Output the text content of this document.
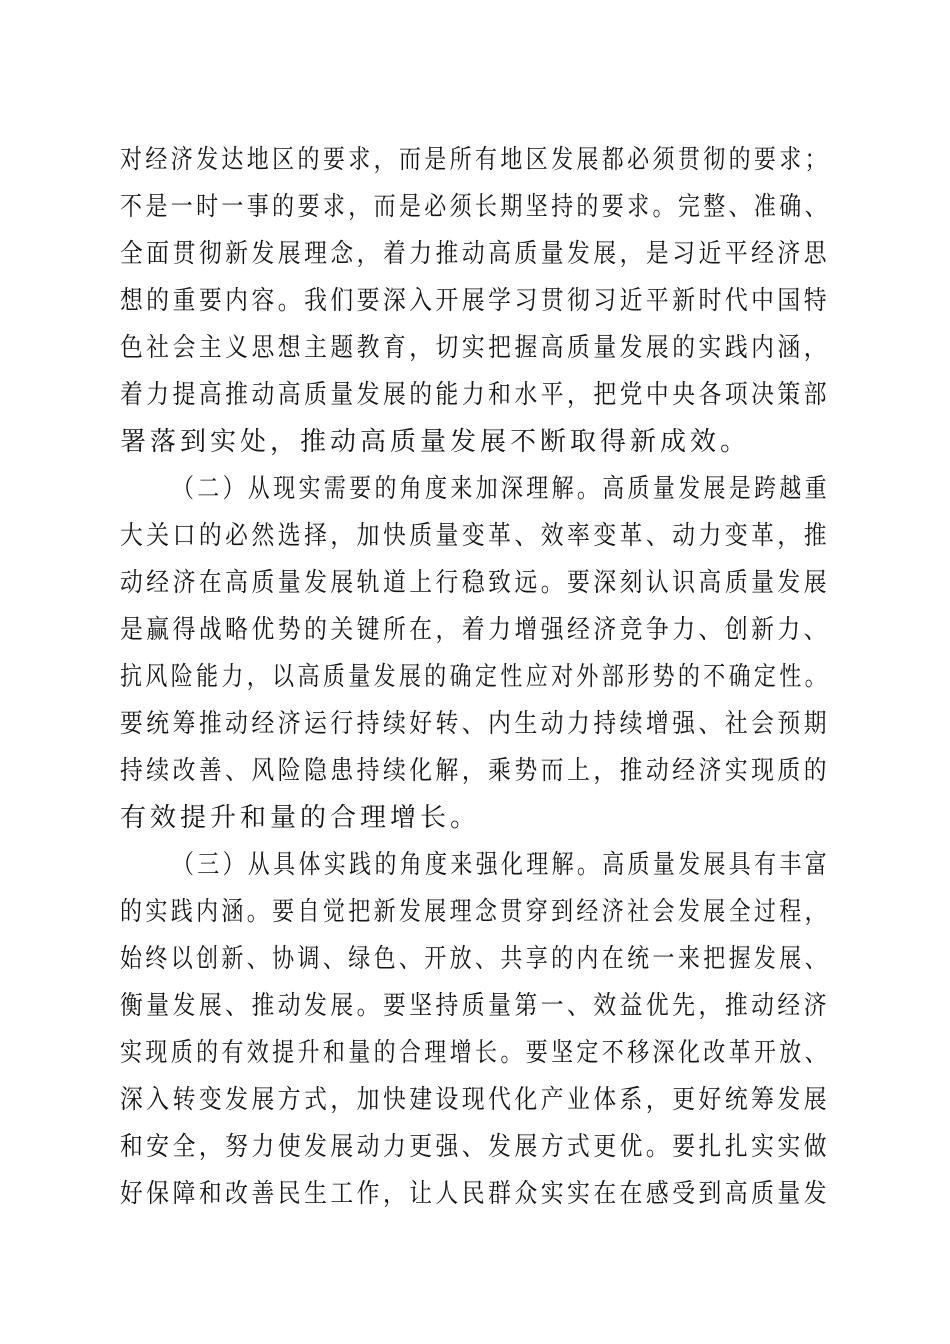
对经济发达地区的要求，而是所有地区发展都必须贯彻的要求；
不是一时一事的要求，而是必须长期坚持的要求。完整、准确、
全面贯彻新发展理念，着力推动高质量发展，是习近平经济思
想的重要内容。我们要深入开展学习贯彻习近平新时代中国特
色社会主义思想主题教育，切实把握高质量发展的实践内涵，
着力提高推动高质量发展的能力和水平，把党中央各项决策部
署落到实处，推动高质量发展不断取得新成效。
（二）从现实需要的角度来加深理解。高质量发展是跨越重
大关口的必然选择，加快质量变革、效率变革、动力变革，推
动经济在高质量发展轨道上行稳致远。要深刻认识高质量发展
是赢得战略优势的关键所在，着力增强经济竞争力、创新力、
抗风险能力，以高质量发展的确定性应对外部形势的不确定性。
要统筹推动经济运行持续好转、内生动力持续增强、社会预期
持续改善、风险隐患持续化解，乘势而上，推动经济实现质的
有效提升和量的合理增长。
（三）从具体实践的角度来强化理解。高质量发展具有丰富
的实践内涵。要自觉把新发展理念贯穿到经济社会发展全过程，
始终以创新、协调、绿色、开放、共享的内在统一来把握发展、
衡量发展、推动发展。要坚持质量第一、效益优先，推动经济
实现质的有效提升和量的合理增长。要坚定不移深化改革开放、
深入转变发展方式，加快建设现代化产业体系，更好统筹发展
和安全，努力使发展动力更强、发展方式更优。要扎扎实实做
好保障和改善民生工作，让人民群众实实在在感受到高质量发
